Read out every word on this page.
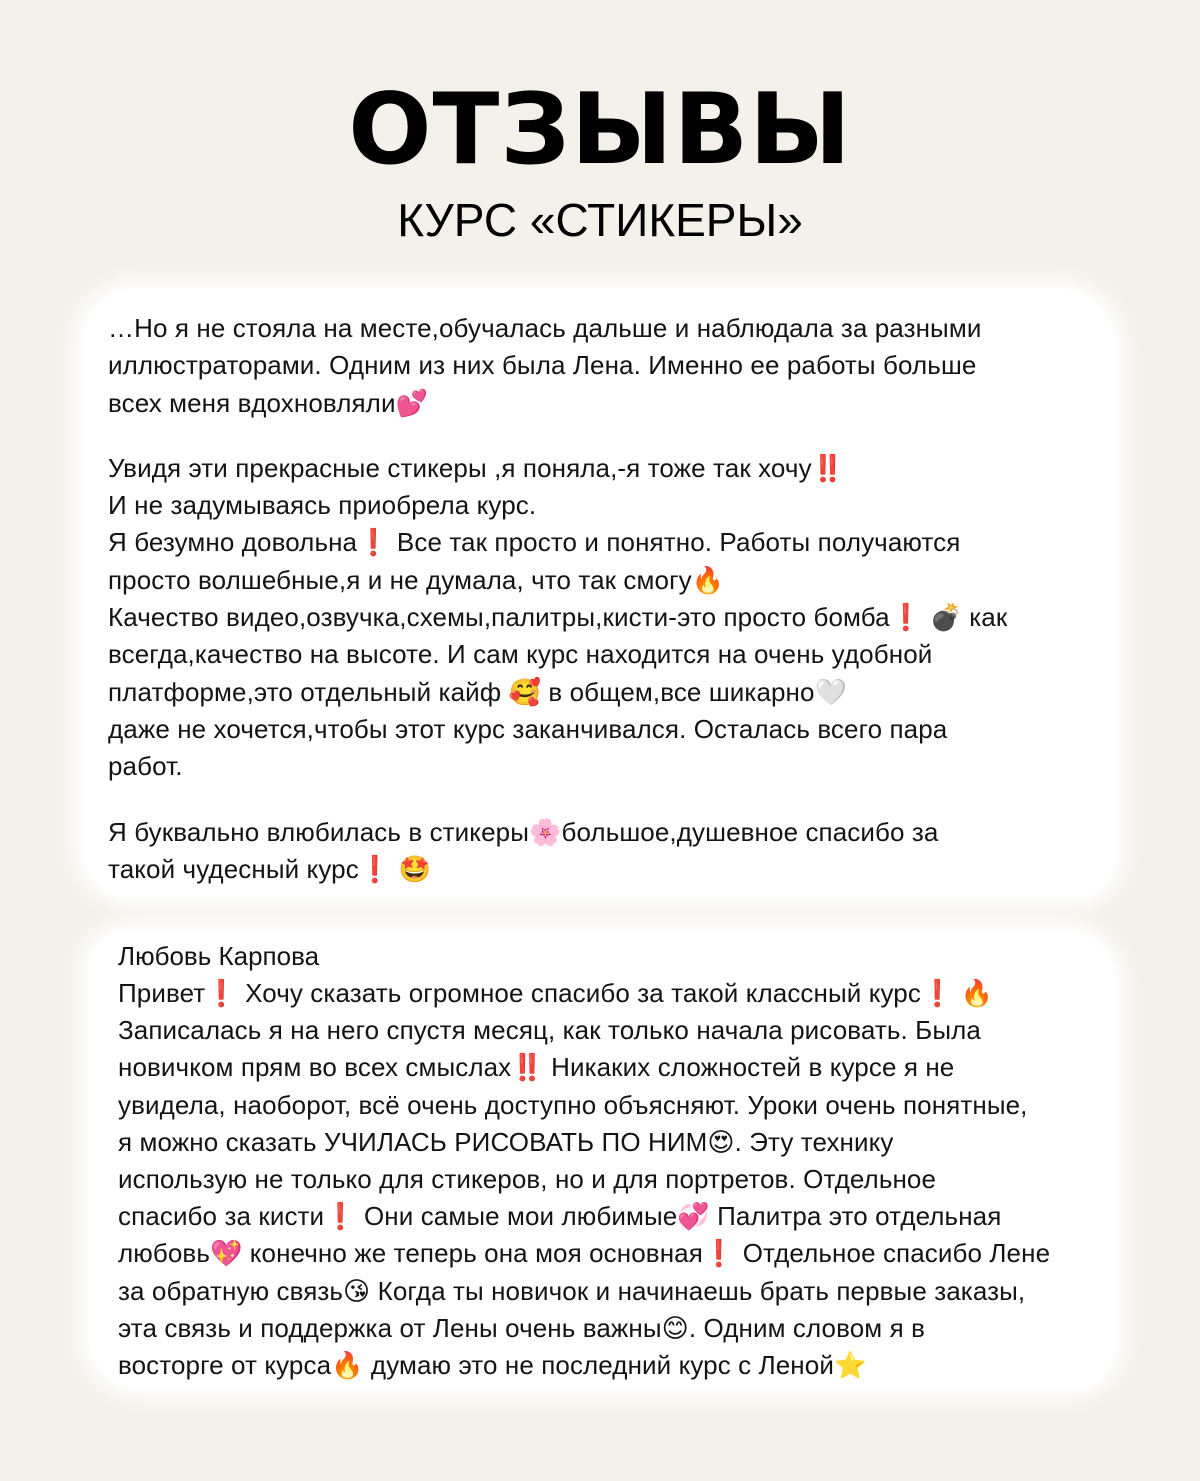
ОТЗЫВЫ
КУРС «СТИКЕРЫ»

…Но я не стояла на месте,обучалась дальше и наблюдала за разными
иллюстраторами. Одним из них была Лена. Именно ее работы больше
всех меня вдохновляли💕

Увидя эти прекрасные стикеры ,я поняла,-я тоже так хочу‼️
И не задумываясь приобрела курс.
Я безумно довольна❗️ Все так просто и понятно. Работы получаются
просто волшебные,я и не думала, что так смогу🔥
Качество видео,озвучка,схемы,палитры,кисти-это просто бомба❗️ 💣 как
всегда,качество на высоте. И сам курс находится на очень удобной
платформе,это отдельный кайф 🥰 в общем,все шикарно🤍
даже не хочется,чтобы этот курс заканчивался. Осталась всего пара
работ.

Я буквально влюбилась в стикеры🌸большое,душевное спасибо за
такой чудесный курс❗️ 🤩

Любовь Карпова

Привет❗️ Хочу сказать огромное спасибо за такой классный курс❗️ 🔥
Записалась я на него спустя месяц, как только начала рисовать. Была
новичком прям во всех смыслах‼️ Никаких сложностей в курсе я не
увидела, наоборот, всё очень доступно объясняют. Уроки очень понятные,
я можно сказать УЧИЛАСЬ РИСОВАТЬ ПО НИМ😍. Эту технику
использую не только для стикеров, но и для портретов. Отдельное
спасибо за кисти❗️ Они самые мои любимые💞 Палитра это отдельная
любовь💖 конечно же теперь она моя основная❗️ Отдельное спасибо Лене
за обратную связь😘 Когда ты новичок и начинаешь брать первые заказы,
эта связь и поддержка от Лены очень важны😊. Одним словом я в
восторге от курса🔥 думаю это не последний курс с Леной⭐️
